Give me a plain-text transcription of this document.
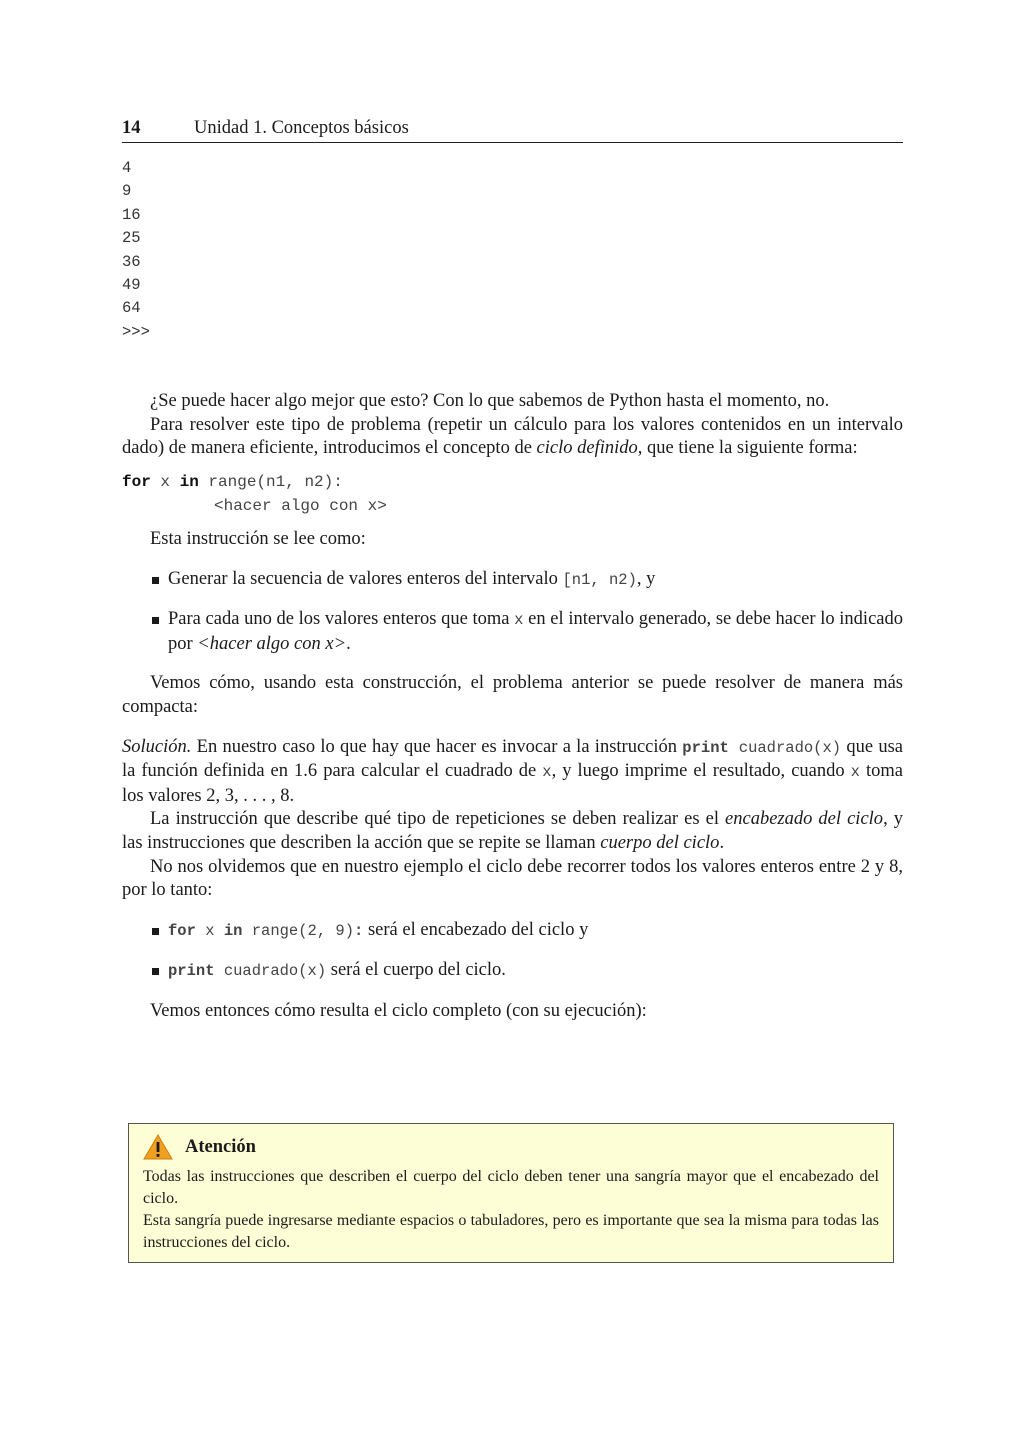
14	Unidad 1. Conceptos básicos
4
9
16
25
36
49
64
>>>

¿Se puede hacer algo mejor que esto? Con lo que sabemos de Python hasta el momento, no.

Para resolver este tipo de problema (repetir un cálculo para los valores contenidos en un intervalo dado) de manera eficiente, introducimos el concepto de ciclo definido, que tiene la siguiente forma:

for x in range(n1, n2):
<hacer algo con x>

Esta instrucción se lee como:

Generar la secuencia de valores enteros del intervalo [n1, n2), y
Para cada uno de los valores enteros que toma x en el intervalo generado, se debe hacer lo indicado por <hacer algo con x>.

Vemos cómo, usando esta construcción, el problema anterior se puede resolver de manera más compacta:

Solución. En nuestro caso lo que hay que hacer es invocar a la instrucción print cuadrado(x) que usa la función definida en 1.6 para calcular el cuadrado de x, y luego imprime el resultado, cuando x toma los valores 2, 3, . . . , 8.

La instrucción que describe qué tipo de repeticiones se deben realizar es el encabezado del ciclo, y las instrucciones que describen la acción que se repite se llaman cuerpo del ciclo.

No nos olvidemos que en nuestro ejemplo el ciclo debe recorrer todos los valores enteros entre 2 y 8, por lo tanto:

for x in range(2, 9): será el encabezado del ciclo y
print cuadrado(x) será el cuerpo del ciclo.

Vemos entonces cómo resulta el ciclo completo (con su ejecución):

Atención

Todas las instrucciones que describen el cuerpo del ciclo deben tener una sangría mayor que el encabezado del ciclo.

Esta sangría puede ingresarse mediante espacios o tabuladores, pero es importante que sea la misma para todas las instrucciones del ciclo.
